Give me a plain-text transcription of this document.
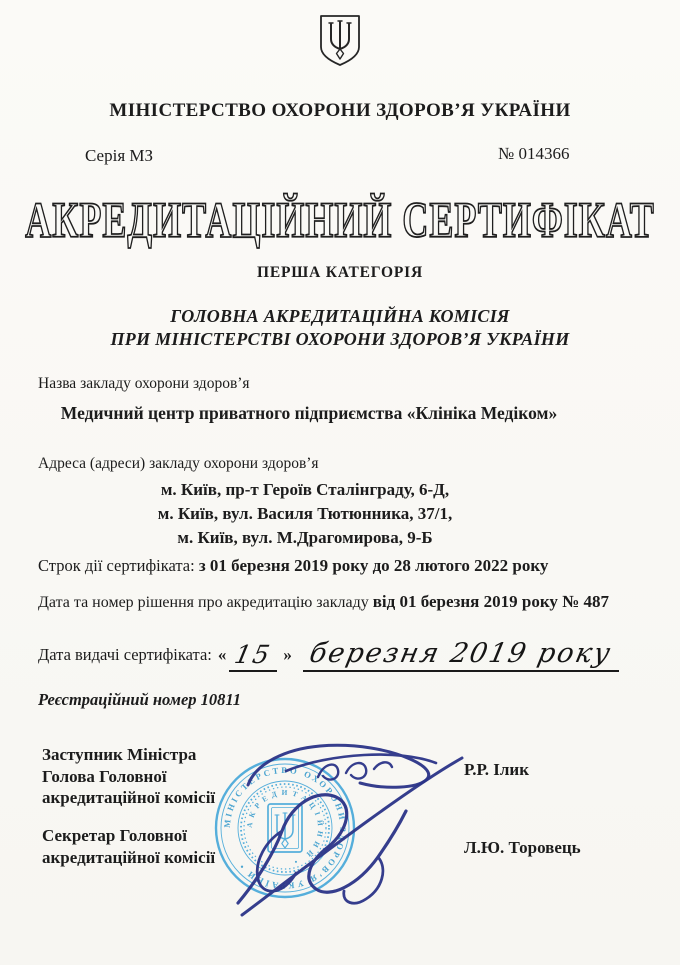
МІНІСТЕРСТВО ОХОРОНИ ЗДОРОВ’Я УКРАЇНИ
Серія МЗ	№ 014366
АКРЕДИТАЦІЙНИЙ СЕРТИФІКАТ
ПЕРША КАТЕГОРІЯ
ГОЛОВНА АКРЕДИТАЦІЙНА КОМІСІЯ
ПРИ МІНІСТЕРСТВІ ОХОРОНИ ЗДОРОВ’Я УКРАЇНИ
Назва закладу охорони здоров’я
Медичний центр приватного підприємства «Клініка Медіком»
Адреса (адреси) закладу охорони здоров’я
м. Київ, пр-т Героїв Сталінграду, 6-Д,
м. Київ, вул. Василя Тютюнника, 37/1,
м. Київ, вул. М.Драгомирова, 9-Б
Строк дії сертифіката: з 01 березня 2019 року до 28 лютого 2022 року
Дата та номер рішення про акредитацію закладу від 01 березня 2019 року № 487
Дата видачі сертифіката: « 15 » березня 2019 року
Реєстраційний номер 10811
Заступник Міністра
Голова Головної
акредитаційної комісії
Секретар Головної
акредитаційної комісії
Р.Р. Ілик
Л.Ю. Торовець
МІНІСТЕРСТВО ОХОРОНИ ЗДОРОВ’Я УКРАЇНИ •
АКРЕДИТАЦІЙНИЙ •
